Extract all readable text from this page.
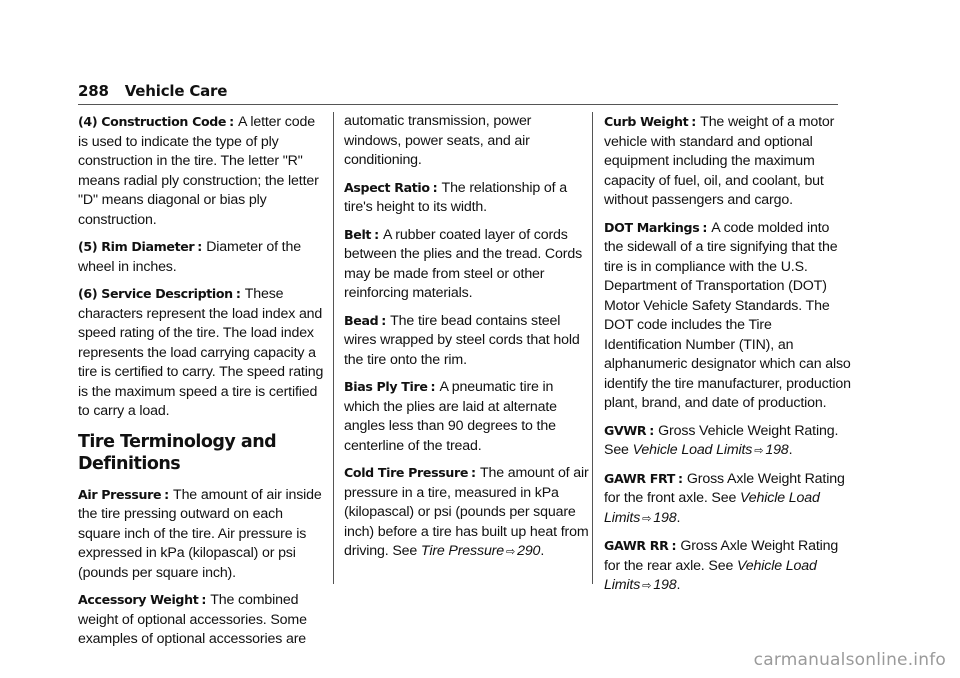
288 Vehicle Care

(4) Construction Code : A letter code is used to indicate the type of ply construction in the tire. The letter "R" means radial ply construction; the letter "D" means diagonal or bias ply construction.

(5) Rim Diameter : Diameter of the wheel in inches.

(6) Service Description : These characters represent the load index and speed rating of the tire. The load index represents the load carrying capacity a tire is certified to carry. The speed rating is the maximum speed a tire is certified to carry a load.

Tire Terminology and Definitions

Air Pressure : The amount of air inside the tire pressing outward on each square inch of the tire. Air pressure is expressed in kPa (kilopascal) or psi (pounds per square inch).

Accessory Weight : The combined weight of optional accessories. Some examples of optional accessories are

automatic transmission, power windows, power seats, and air conditioning.

Aspect Ratio : The relationship of a tire's height to its width.

Belt : A rubber coated layer of cords between the plies and the tread. Cords may be made from steel or other reinforcing materials.

Bead : The tire bead contains steel wires wrapped by steel cords that hold the tire onto the rim.

Bias Ply Tire : A pneumatic tire in which the plies are laid at alternate angles less than 90 degrees to the centerline of the tread.

Cold Tire Pressure : The amount of air pressure in a tire, measured in kPa (kilopascal) or psi (pounds per square inch) before a tire has built up heat from driving. See Tire Pressure ⇨ 290.

Curb Weight : The weight of a motor vehicle with standard and optional equipment including the maximum capacity of fuel, oil, and coolant, but without passengers and cargo.

DOT Markings : A code molded into the sidewall of a tire signifying that the tire is in compliance with the U.S. Department of Transportation (DOT) Motor Vehicle Safety Standards. The DOT code includes the Tire Identification Number (TIN), an alphanumeric designator which can also identify the tire manufacturer, production plant, brand, and date of production.

GVWR : Gross Vehicle Weight Rating. See Vehicle Load Limits ⇨ 198.

GAWR FRT : Gross Axle Weight Rating for the front axle. See Vehicle Load Limits ⇨ 198.

GAWR RR : Gross Axle Weight Rating for the rear axle. See Vehicle Load Limits ⇨ 198.

carmanualsonline.info
